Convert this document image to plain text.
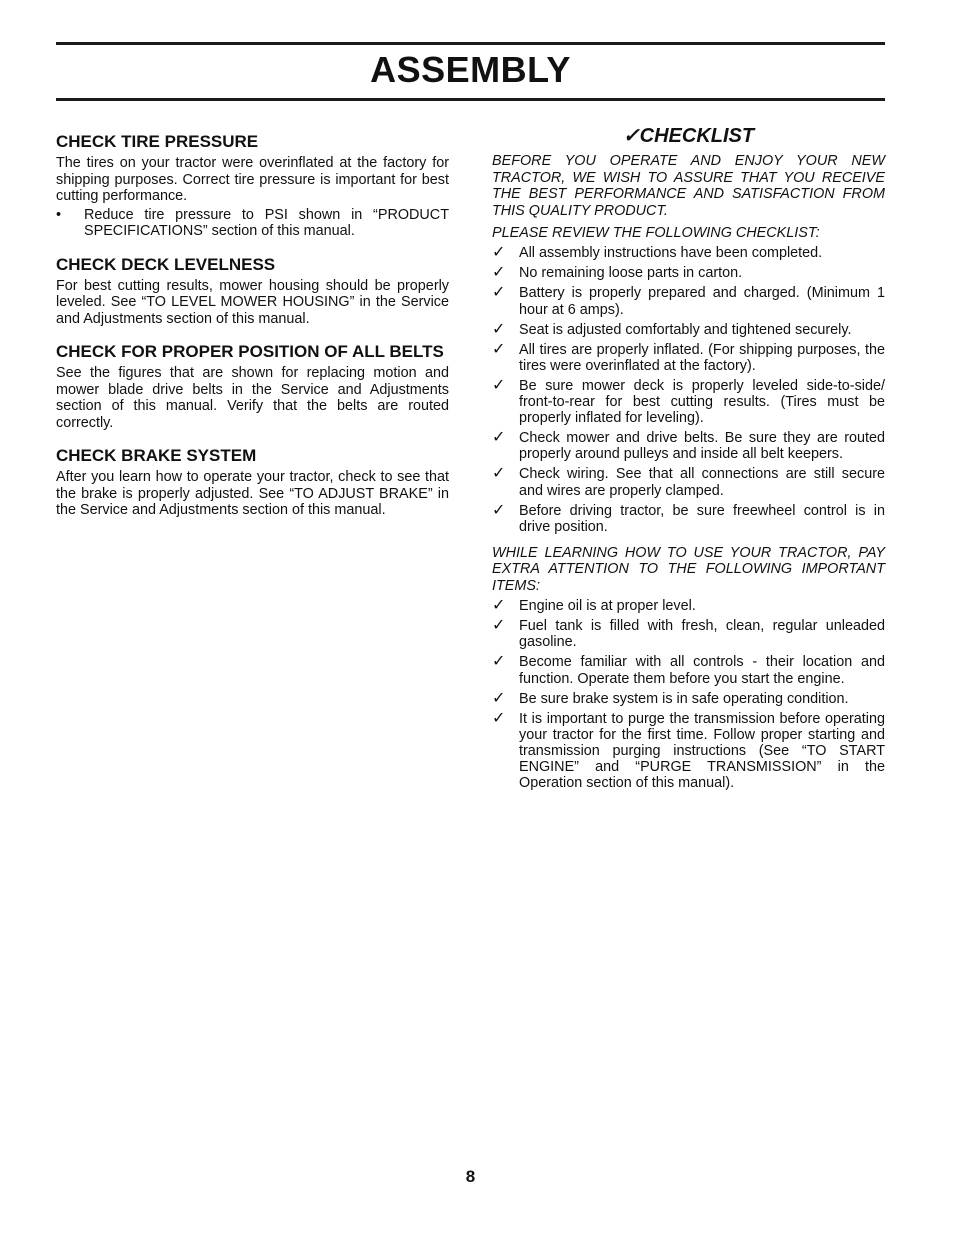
ASSEMBLY
CHECK TIRE PRESSURE

The tires on your tractor were overinflated at the factory for shipping purposes. Correct tire pressure is important for best cutting performance.

•	Reduce tire pressure to PSI shown in “PRODUCT SPECIFICATIONS” section of this manual.
CHECK DECK LEVELNESS

For best cutting results, mower housing should be properly leveled. See “TO LEVEL MOWER HOUSING” in the Service and Adjustments section of this manual.

CHECK FOR PROPER POSITION OF ALL BELTS

See the figures that are shown for replacing motion and mower blade drive belts in the Service and Adjustments section of this manual. Verify that the belts are routed correctly.

CHECK BRAKE SYSTEM

After you learn how to operate your tractor, check to see that the brake is properly adjusted. See “TO ADJUST BRAKE” in the Service and Adjustments section of this manual.

✓CHECKLIST

BEFORE YOU OPERATE AND ENJOY YOUR NEW TRACTOR, WE WISH TO ASSURE THAT YOU RECEIVE THE BEST PERFORMANCE AND SATISFACTION FROM THIS QUALITY PRODUCT.

PLEASE REVIEW THE FOLLOWING CHECKLIST:

✓ All assembly instructions have been completed.
✓ No remaining loose parts in carton.
✓ Battery is properly prepared and charged. (Minimum 1 hour at 6 amps).
✓ Seat is adjusted comfortably and tightened securely.
✓ All tires are properly inflated. (For shipping purposes, the tires were overinflated at the factory).
✓ Be sure mower deck is properly leveled side-to-side/ front-to-rear for best cutting results. (Tires must be properly inflated for leveling).
✓ Check mower and drive belts. Be sure they are routed properly around pulleys and inside all belt keepers.
✓ Check wiring. See that all connections are still secure and wires are properly clamped.
✓ Before driving tractor, be sure freewheel control is in drive position.

WHILE LEARNING HOW TO USE YOUR TRACTOR, PAY EXTRA ATTENTION TO THE FOLLOWING IMPORTANT ITEMS:

✓ Engine oil is at proper level.
✓ Fuel tank is filled with fresh, clean, regular unleaded gasoline.
✓ Become familiar with all controls - their location and function. Operate them before you start the engine.
✓ Be sure brake system is in safe operating condition.
✓ It is important to purge the transmission before operating your tractor for the first time. Follow proper starting and transmission purging instructions (See “TO START ENGINE” and “PURGE TRANSMISSION” in the Operation section of this manual).
8
